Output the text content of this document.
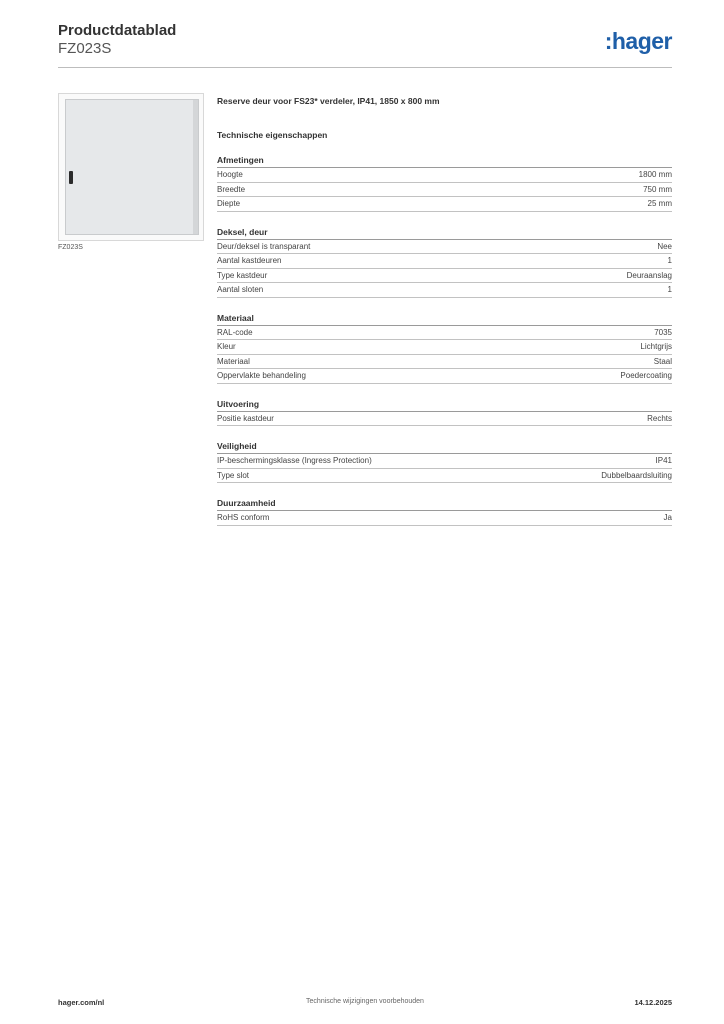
Productdatablad
FZ023S	:hager
FZ023S
Reserve deur voor FS23* verdeler, IP41, 1850 x 800 mm
Technische eigenschappen
Afmetingen
Hoogte	1800 mm
Breedte	750 mm
Diepte	25 mm
Deksel, deur
Deur/deksel is transparant	Nee
Aantal kastdeuren	1
Type kastdeur	Deuraanslag
Aantal sloten	1
Materiaal
RAL-code	7035
Kleur	Lichtgrijs
Materiaal	Staal
Oppervlakte behandeling	Poedercoating
Uitvoering
Positie kastdeur	Rechts
Veiligheid
IP-beschermingsklasse (Ingress Protection)	IP41
Type slot	Dubbelbaardsluiting
Duurzaamheid
RoHS conform	Ja
hager.com/nl	Technische wijzigingen voorbehouden	14.12.2025
